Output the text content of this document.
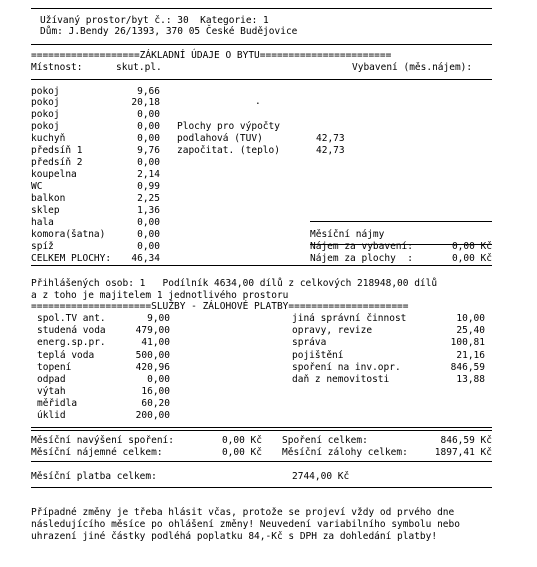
Užívaný prostor/byt č.: 30  Kategorie: 1
Dům: J.Bendy 26/1393, 370 05 České Budějovice
===================ZÁKLADNÍ ÚDAJE O BYTU=======================
Místnost:	skut.pl.	Vybavení (měs.nájem):
pokoj	9,66
pokoj	20,18
pokoj	0,00
pokoj	0,00
kuchyň	0,00
předsíň 1	9,76
předsíň 2	0,00
koupelna	2,14
WC	0,99
balkon	2,25
sklep	1,36
hala	0,00
komora(šatna)	0,00
spíž	0,00
CELKEM PLOCHY:	46,34
.
Plochy pro výpočty
podlahová (TUV)	42,73
započitat. (teplo)	42,73
Měsíční nájmy
Nájem za vybavení:	0,00 Kč
Nájem za plochy  :	0,00 Kč
Přihlášených osob: 1   Podílník 4634,00 dílů z celkových 218948,00 dílů
a z toho je majitelem 1 jednotlivého prostoru
=====================SLUŽBY - ZÁLOHOVÉ PLATBY=====================
spol.TV ant.	9,00
studená voda	479,00
energ.sp.pr.	41,00
teplá voda	500,00
topení	420,96
odpad	0,00
výtah	16,00
měřidla	60,20
úklid	200,00
jiná správní činnost	10,00
opravy, revize	25,40
správa	100,81
pojištění	21,16
spoření na inv.opr.	846,59
daň z nemovitosti	13,88
Měsíční navýšení spoření:	0,00 Kč
Měsíční nájemné celkem:	0,00 Kč
Spoření celkem:	846,59 Kč
Měsíční zálohy celkem:	1897,41 Kč
Měsíční platba celkem:	2744,00 Kč
Případné změny je třeba hlásit včas, protože se projeví vždy od prvého dne
následujícího měsíce po ohlášení změny! Neuvedení variabilního symbolu nebo
uhrazení jiné částky podléhá poplatku 84,-Kč s DPH za dohledání platby!
